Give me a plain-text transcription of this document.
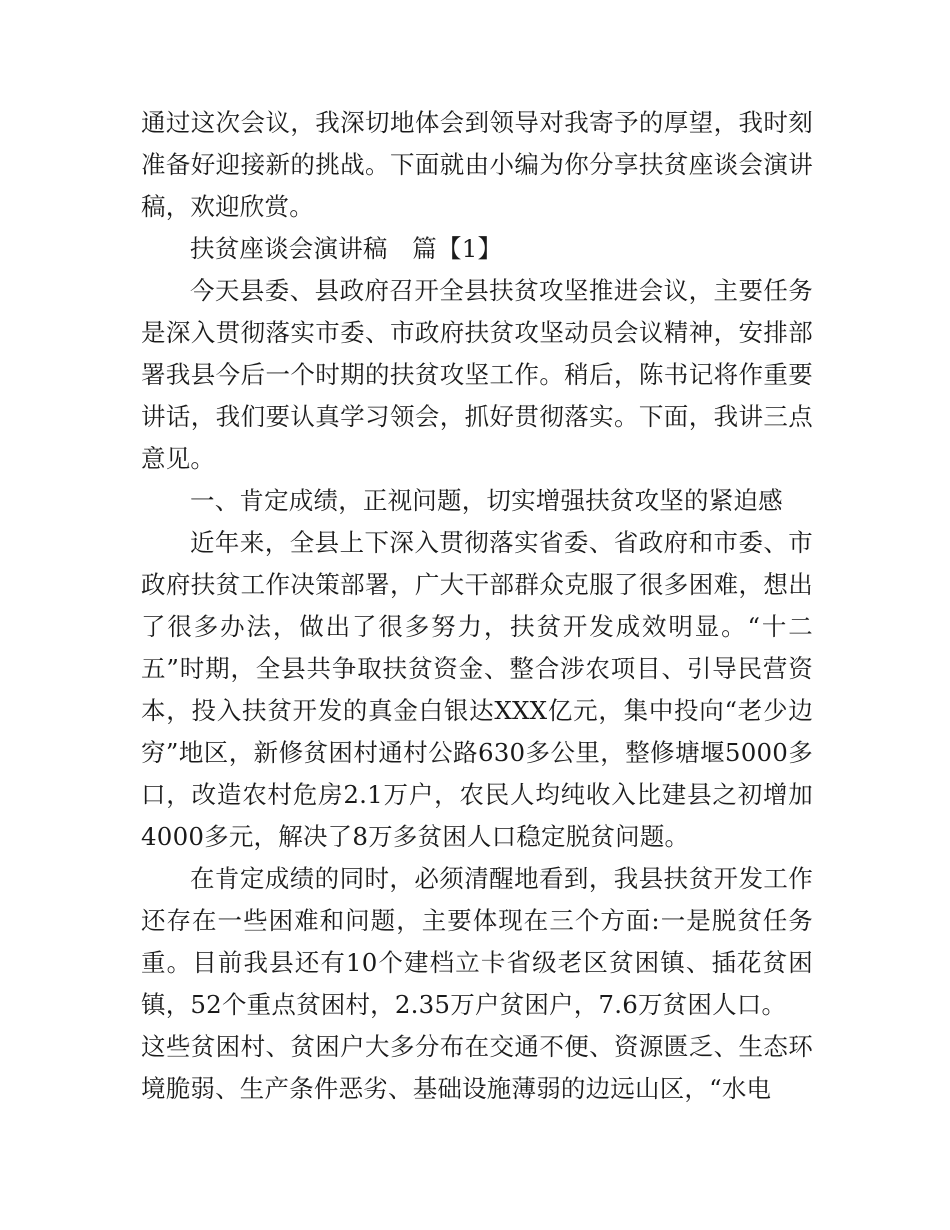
通过这次会议，我深切地体会到领导对我寄予的厚望，我时刻准备好迎接新的挑战。下面就由小编为你分享扶贫座谈会演讲稿，欢迎欣赏。

扶贫座谈会演讲稿　篇【1】

今天县委、县政府召开全县扶贫攻坚推进会议，主要任务是深入贯彻落实市委、市政府扶贫攻坚动员会议精神，安排部署我县今后一个时期的扶贫攻坚工作。稍后，陈书记将作重要讲话，我们要认真学习领会，抓好贯彻落实。下面，我讲三点意见。

一、肯定成绩，正视问题，切实增强扶贫攻坚的紧迫感

近年来，全县上下深入贯彻落实省委、省政府和市委、市政府扶贫工作决策部署，广大干部群众克服了很多困难，想出了很多办法，做出了很多努力，扶贫开发成效明显。“十二五”时期，全县共争取扶贫资金、整合涉农项目、引导民营资本，投入扶贫开发的真金白银达XXX亿元，集中投向“老少边穷”地区，新修贫困村通村公路630多公里，整修塘堰5000多口，改造农村危房2.1万户，农民人均纯收入比建县之初增加4000多元，解决了8万多贫困人口稳定脱贫问题。

在肯定成绩的同时，必须清醒地看到，我县扶贫开发工作还存在一些困难和问题，主要体现在三个方面:一是脱贫任务重。目前我县还有10个建档立卡省级老区贫困镇、插花贫困镇，52个重点贫困村，2.35万户贫困户，7.6万贫困人口。

这些贫困村、贫困户大多分布在交通不便、资源匮乏、生态环境脆弱、生产条件恶劣、基础设施薄弱的边远山区，“水电
